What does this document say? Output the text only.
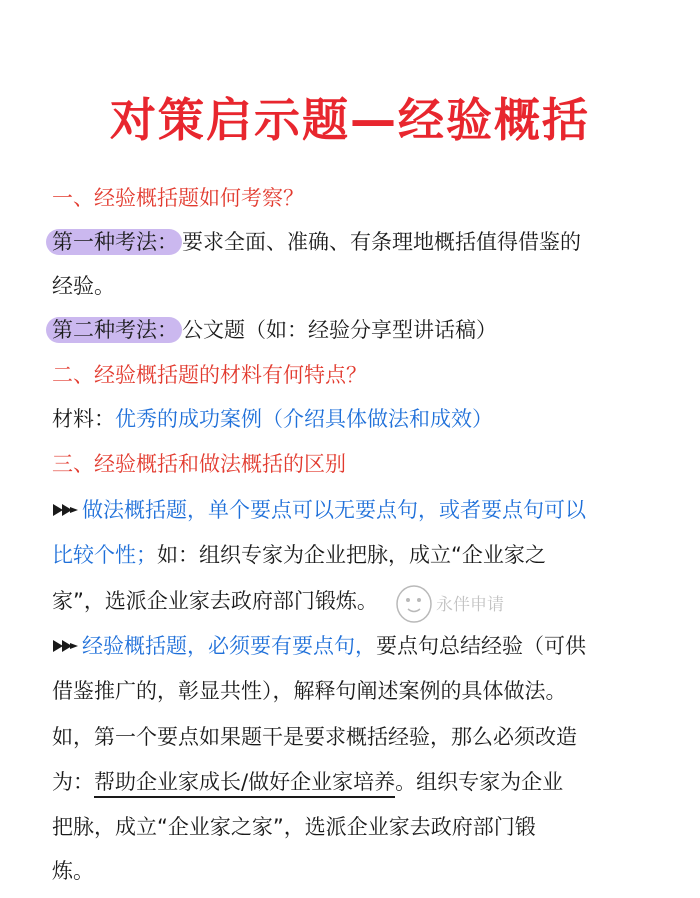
对策启示题—经验概括
一、经验概括题如何考察？
第一种考法： 要求全面、准确、有条理地概括值得借鉴的
经验。
第二种考法： 公文题（如：经验分享型讲话稿）
二、经验概括题的材料有何特点？
材料：优秀的成功案例（介绍具体做法和成效）
三、经验概括和做法概括的区别
做法概括题，单个要点可以无要点句，或者要点句可以
比较个性；如：组织专家为企业把脉，成立“企业家之
家”，选派企业家去政府部门锻炼。	永伴申请
经验概括题，必须要有要点句，要点句总结经验（可供
借鉴推广的，彰显共性），解释句阐述案例的具体做法。
如，第一个要点如果题干是要求概括经验，那么必须改造
为：帮助企业家成长/做好企业家培养。组织专家为企业
把脉，成立“企业家之家”，选派企业家去政府部门锻
炼。
